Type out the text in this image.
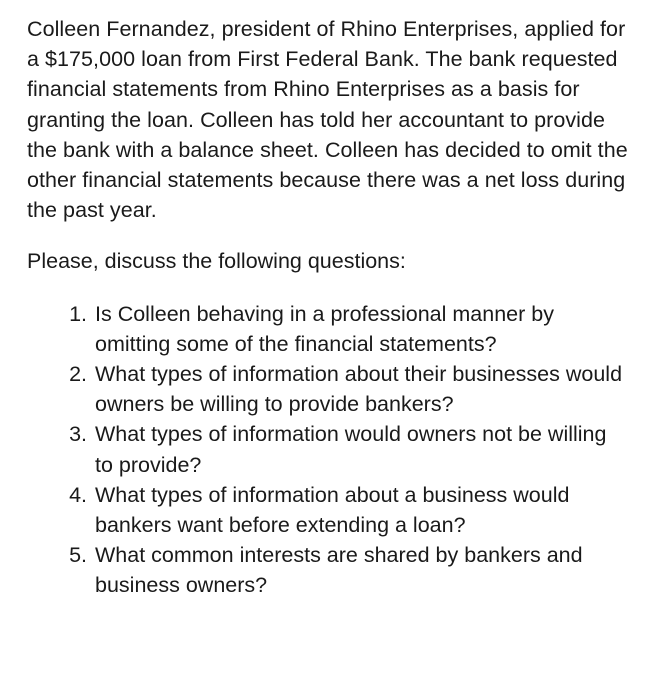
Colleen Fernandez, president of Rhino Enterprises, applied for a $175,000 loan from First Federal Bank. The bank requested financial statements from Rhino Enterprises as a basis for granting the loan. Colleen has told her accountant to provide the bank with a balance sheet. Colleen has decided to omit the other financial statements because there was a net loss during the past year.

Please, discuss the following questions:

1. Is Colleen behaving in a professional manner by omitting some of the financial statements?
2. What types of information about their businesses would owners be willing to provide bankers?
3. What types of information would owners not be willing to provide?
4. What types of information about a business would bankers want before extending a loan?
5. What common interests are shared by bankers and business owners?
